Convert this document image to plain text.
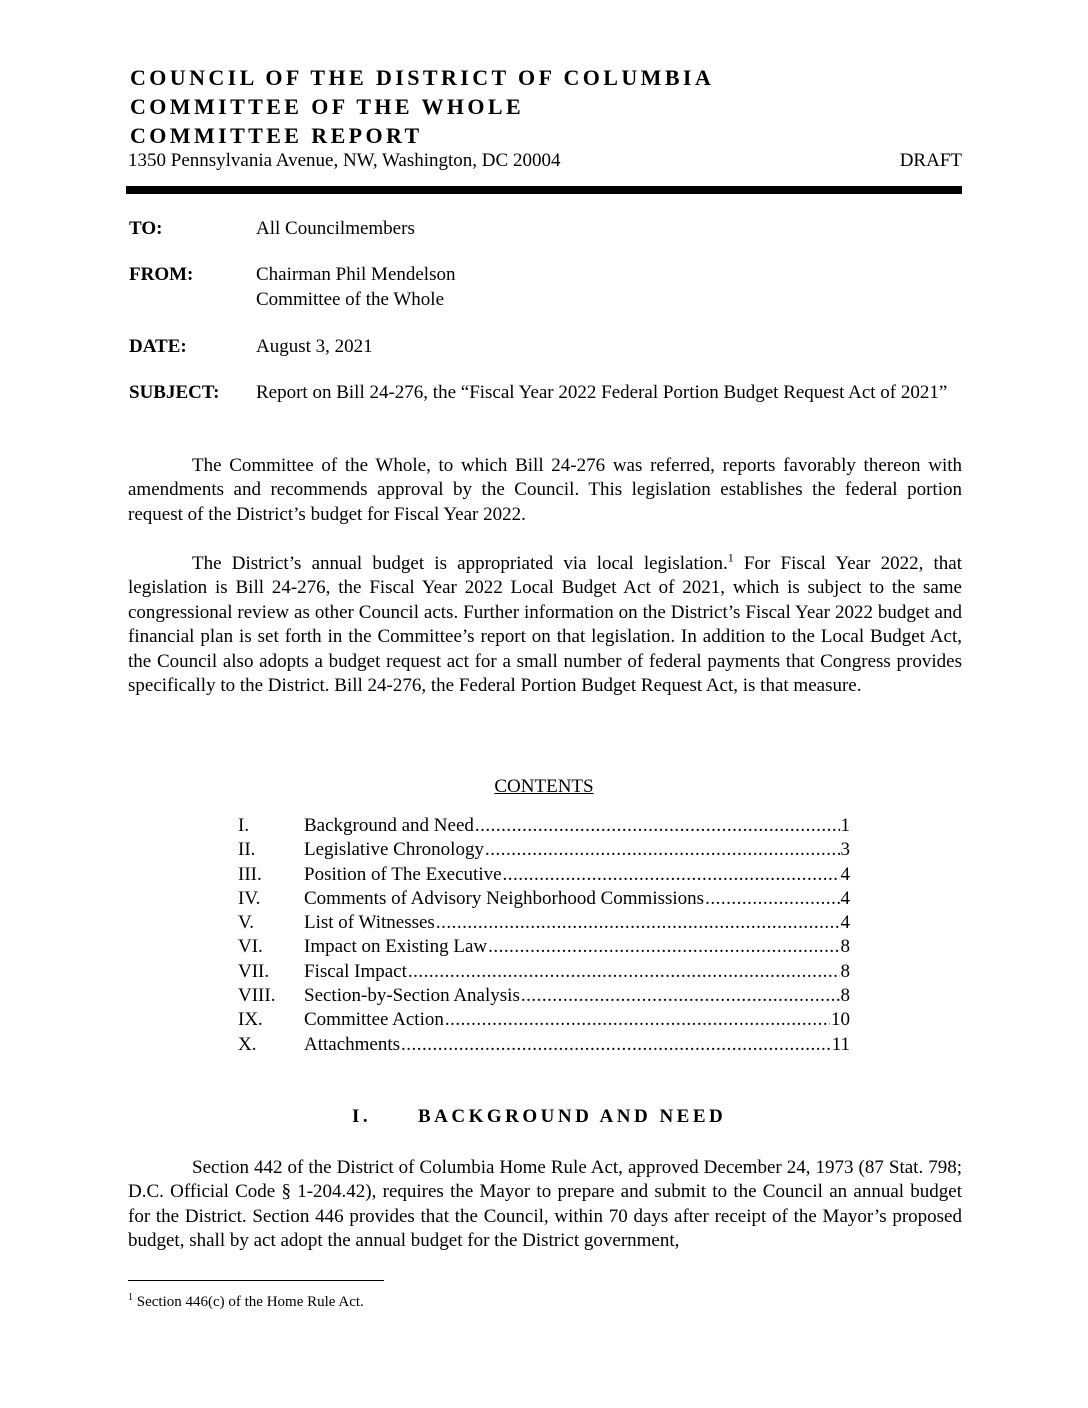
COUNCIL OF THE DISTRICT OF COLUMBIA
COMMITTEE OF THE WHOLE
COMMITTEE REPORT
1350 Pennsylvania Avenue, NW, Washington, DC 20004	DRAFT
TO:	All Councilmembers
FROM:	Chairman Phil Mendelson
Committee of the Whole
DATE:	August 3, 2021
SUBJECT: Report on Bill 24-276, the “Fiscal Year 2022 Federal Portion Budget Request Act of 2021”
The Committee of the Whole, to which Bill 24-276 was referred, reports favorably thereon with amendments and recommends approval by the Council. This legislation establishes the federal portion request of the District’s budget for Fiscal Year 2022.
The District’s annual budget is appropriated via local legislation.$^1$ For Fiscal Year 2022, that legislation is Bill 24-276, the Fiscal Year 2022 Local Budget Act of 2021, which is subject to the same congressional review as other Council acts. Further information on the District’s Fiscal Year 2022 budget and financial plan is set forth in the Committee’s report on that legislation. In addition to the Local Budget Act, the Council also adopts a budget request act for a small number of federal payments that Congress provides specifically to the District. Bill 24-276, the Federal Portion Budget Request Act, is that measure.
CONTENTS
I.	Background and Need .....	1
II.	Legislative Chronology .....	3
III. Position of The Executive .....	4
IV. Comments of Advisory Neighborhood Commissions .....	4
V.	List of Witnesses .....	4
VI. Impact on Existing Law .....	8
VII. Fiscal Impact .....	8
VIII. Section-by-Section Analysis .....	8
IX. Committee Action .....	10
X.	Attachments .....	11
I. BACKGROUND AND NEED
Section 442 of the District of Columbia Home Rule Act, approved December 24, 1973 (87 Stat. 798; D.C. Official Code § 1-204.42), requires the Mayor to prepare and submit to the Council an annual budget for the District. Section 446 provides that the Council, within 70 days after receipt of the Mayor’s proposed budget, shall by act adopt the annual budget for the District government,
$^1$ Section 446(c) of the Home Rule Act.
